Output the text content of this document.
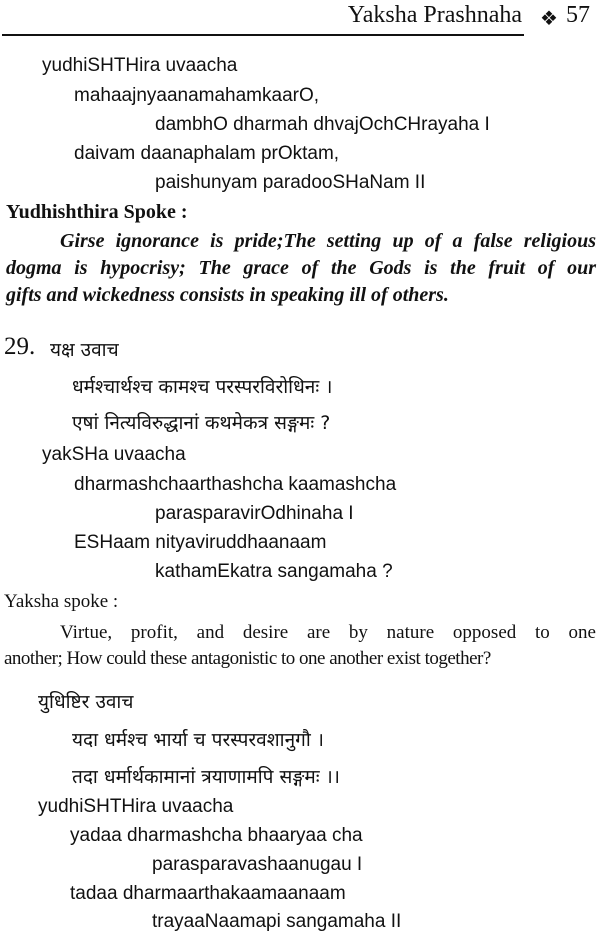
Yaksha Prashnaha ❖ 57
yudhiSHTHira uvaacha
mahaajnyaanamahamkaarO,
dambhO dharmah dhvajOchCHrayaha I
daivam daanaphalam prOktam,
paishunyam paradooSHaNam II
Yudhishthira Spoke :
Girse ignorance is pride;The setting up of a false religious
dogma is hypocrisy; The grace of the Gods is the fruit of our
gifts and wickedness consists in speaking ill of others.
29. यक्ष उवाच
धर्मश्चार्थश्च कामश्च परस्परविरोधिनः ।
एषां नित्यविरुद्धानां कथमेकत्र सङ्गमः ?
yakSHa uvaacha
dharmashchaarthashcha kaamashcha
parasparavirOdhinaha I
ESHaam nityaviruddhaanaam
kathamEkatra sangamaha ?
Yaksha spoke :
Virtue, profit, and desire are by nature opposed to one
another; How could these antagonistic to one another exist together?
युधिष्टिर उवाच
यदा धर्मश्च भार्या च परस्परवशानुगौ ।
तदा धर्मार्थकामानां त्रयाणामपि सङ्गमः ।।
yudhiSHTHira uvaacha
yadaa dharmashcha bhaaryaa cha
parasparavashaanugau I
tadaa dharmaarthakaamaanaam
trayaaNaamapi sangamaha II
